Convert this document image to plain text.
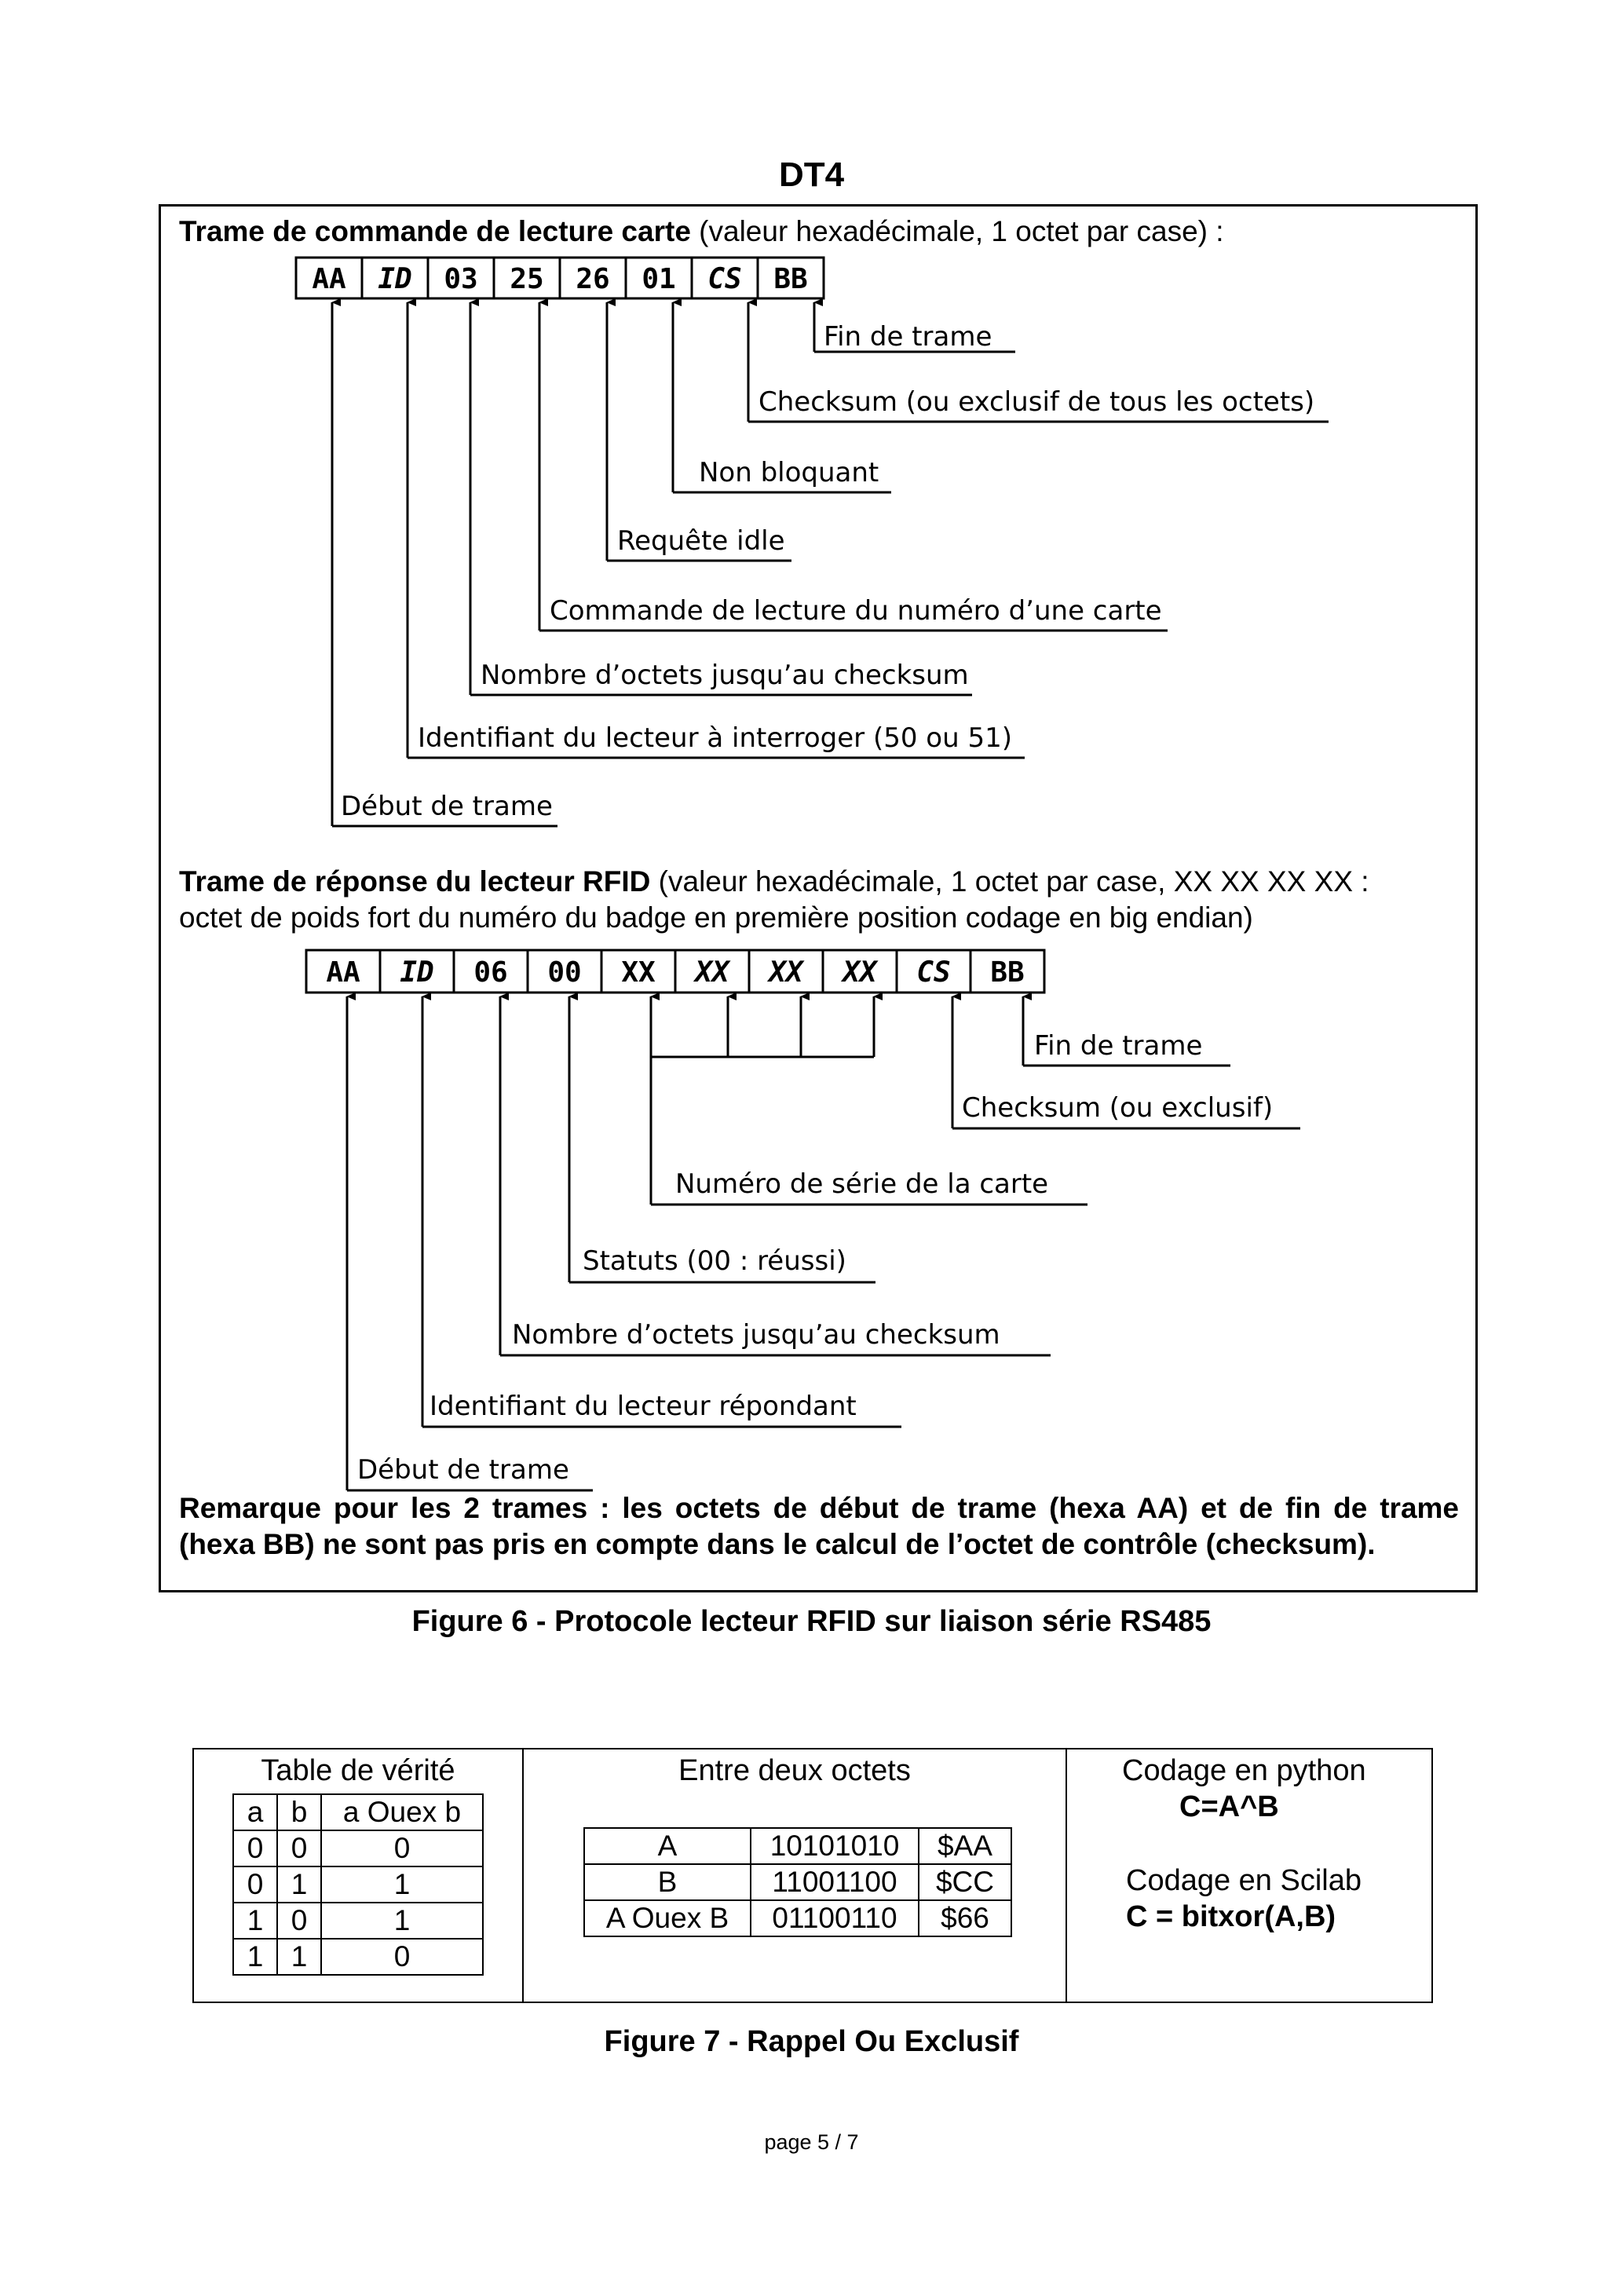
DT4
Trame de commande de lecture carte (valeur hexadécimale, 1 octet par case) :
AA ID 03 25 26 01 CS BB
Fin de trame
Checksum (ou exclusif de tous les octets)
Non bloquant
Requête idle
Commande de lecture du numéro d’une carte
Nombre d’octets jusqu’au checksum
Identifiant du lecteur à interroger (50 ou 51)
Début de trame
AA ID 06 00 XX XX XX XX CS BB
Fin de trame
Checksum (ou exclusif)
Numéro de série de la carte
Statuts (00 : réussi)
Nombre d’octets jusqu’au checksum
Identifiant du lecteur répondant
Début de trame
Trame de réponse du lecteur RFID (valeur hexadécimale, 1 octet par case, XX XX XX XX :
octet de poids fort du numéro du badge en première position codage en big endian)
Remarque pour les 2 trames : les octets de début de trame (hexa AA) et de fin de trame (hexa BB) ne sont pas pris en compte dans le calcul de l’octet de contrôle (checksum).
Figure 6 - Protocole lecteur RFID sur liaison série RS485
Table de vérité
a	b	a Ouex b
0	0	0
0	1	1
1	0	1
1	1	0
Entre deux octets
A	10101010	$AA
B	11001100	$CC
A Ouex B	01100110	$66
Codage en python
C=A^B
Codage en Scilab
C = bitxor(A,B)
Figure 7 - Rappel Ou Exclusif
page 5 / 7
